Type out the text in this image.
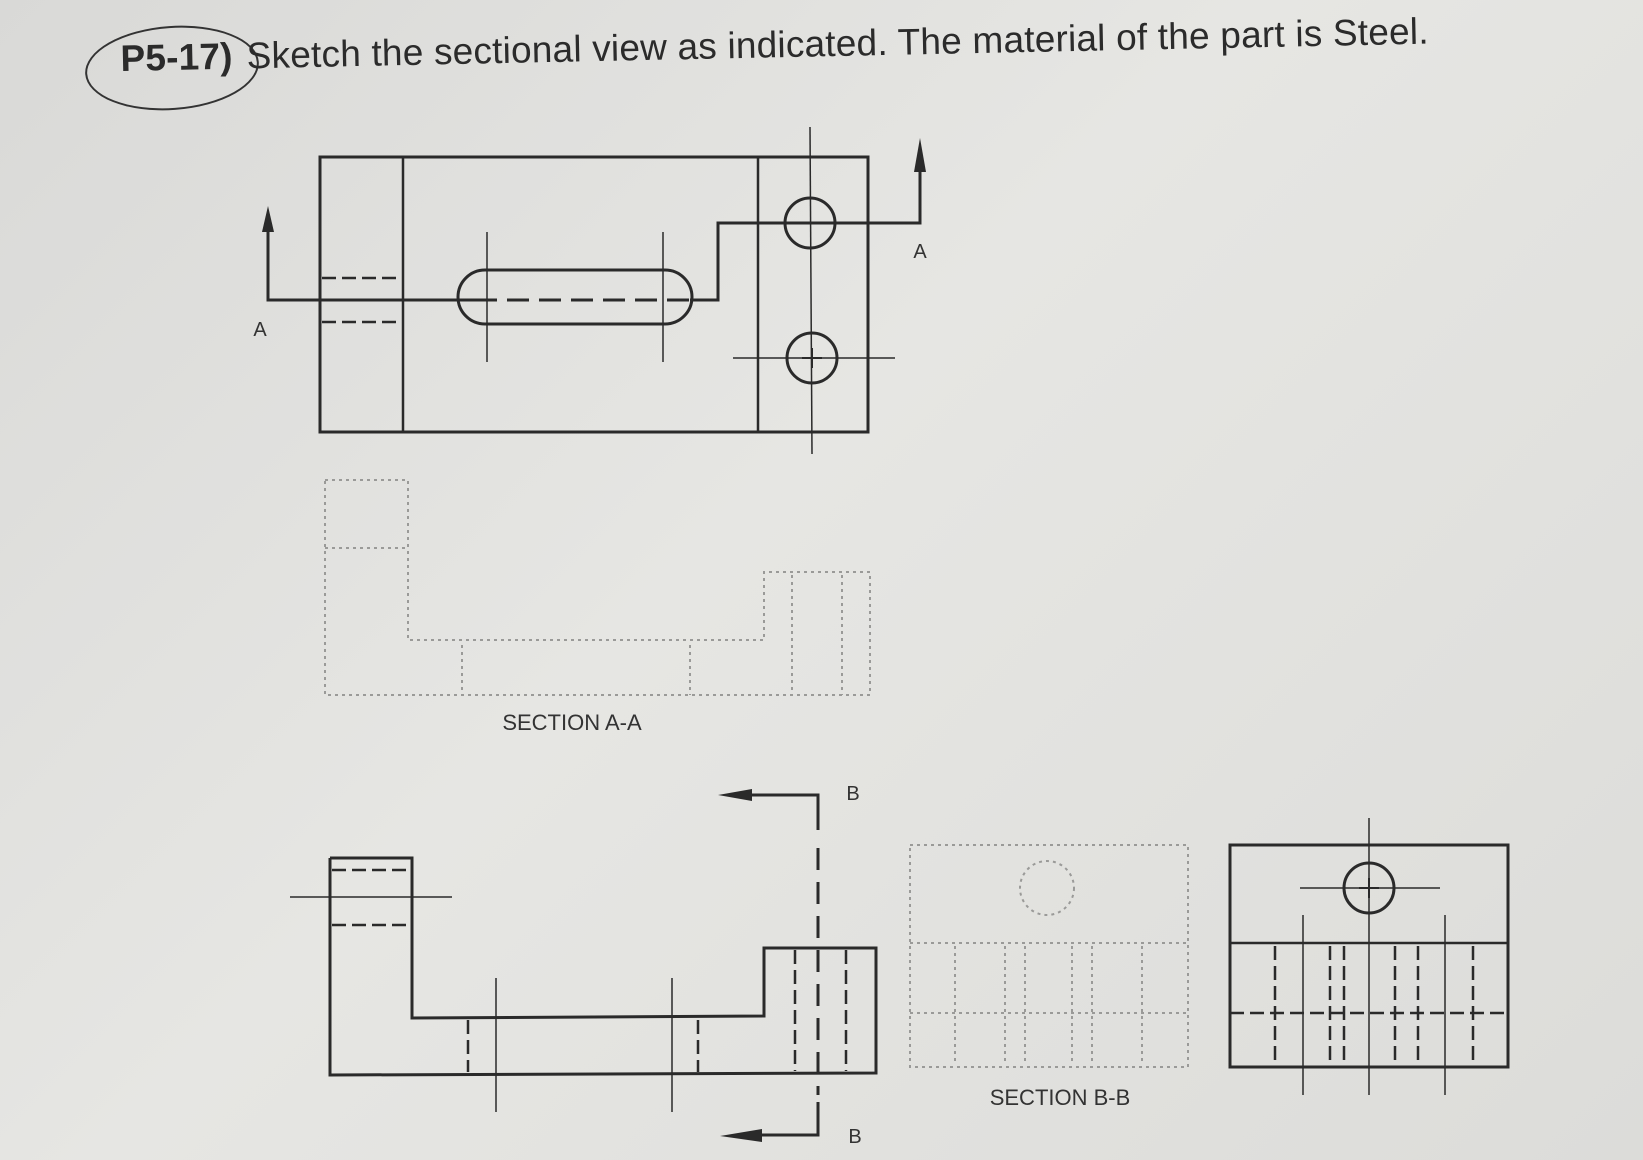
P5-17) Sketch the sectional view as indicated. The material of the part is Steel.
A
A
SECTION A-A
B
B
SECTION B-B
